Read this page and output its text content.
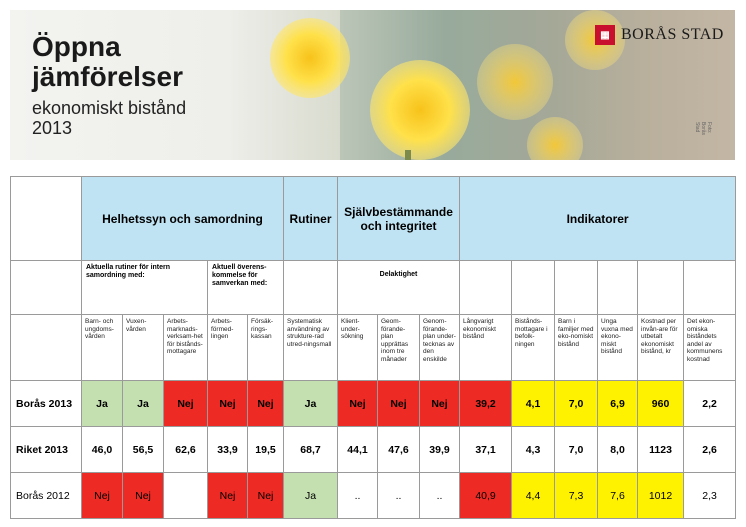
Öppna
jämförelser
ekonomiskt bistånd
2013
▦ BORÅS STAD
Foto: Borås Stad
	Helhetssyn och samordning					Rutiner	Självbestämmande och integritet			Indikatorer					
	Aktuella rutiner för intern samordning med:			Aktuell överens-kommelse för samverkan med:			Delaktighet								
	Barn- och ungdoms-vården	Vuxen-vården	Arbets-marknads-verksam-het för bistånds-mottagare	Arbets-förmed-lingen	Försäk-rings-kassan	Systematisk användning av strukture-rad utred-ningsmall	Klient-under-sökning	Geom-förande-plan upprättas inom tre månader	Genom-förande-plan under-tecknas av den enskilde	Långvarigt ekonomiskt bistånd	Bistånds-mottagare i befolk-ningen	Barn i familjer med eko-nomiskt bistånd	Unga vuxna med ekono-miskt bistånd	Kostnad per invån-are för utbetalt ekonomiskt bistånd, kr	Det ekon-omiska biståndets andel av kommunens kostnad
Borås 2013	Ja	Ja	Nej	Nej	Nej	Ja	Nej	Nej	Nej	39,2	4,1	7,0	6,9	960	2,2
Riket 2013	46,0	56,5	62,6	33,9	19,5	68,7	44,1	47,6	39,9	37,1	4,3	7,0	8,0	1123	2,6
Borås 2012	Nej	Nej		Nej	Nej	Ja	..	..	..	40,9	4,4	7,3	7,6	1012	2,3
